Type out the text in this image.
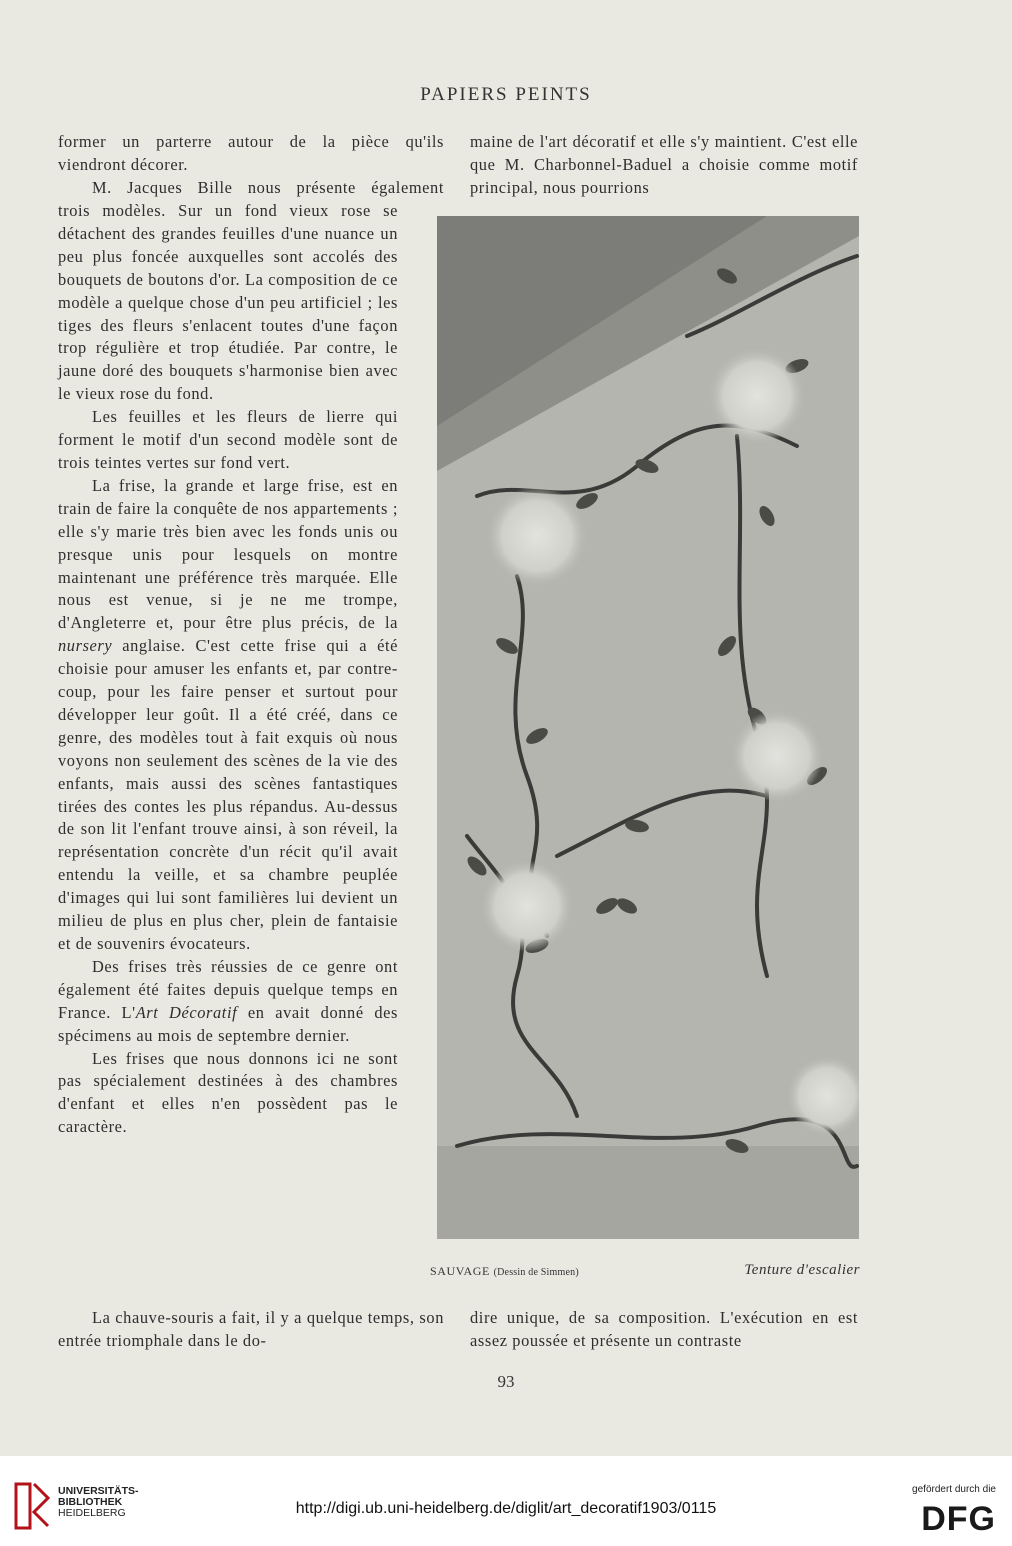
PAPIERS PEINTS

former un parterre autour de la pièce qu'ils

viendront décorer.

M. Jacques Bille nous présente également

trois modèles. Sur un fond vieux rose se détachent des grandes feuilles d'une nuance un peu plus foncée auxquelles sont accolés des bouquets de boutons d'or. La composition de ce modèle a quelque chose d'un peu artificiel ; les tiges des fleurs s'enlacent toutes d'une façon trop régulière et trop étudiée. Par contre, le jaune doré des bouquets s'harmonise bien avec le vieux rose du fond.

Les feuilles et les fleurs de lierre qui forment le motif d'un second modèle sont de trois teintes vertes sur fond vert.

La frise, la grande et large frise, est en train de faire la conquête de nos appartements ; elle s'y marie très bien avec les fonds unis ou presque unis pour lesquels on montre maintenant une préférence très marquée. Elle nous est venue, si je ne me trompe, d'Angleterre et, pour être plus précis, de la nursery anglaise. C'est cette frise qui a été choisie pour amuser les enfants et, par contre-coup, pour les faire penser et surtout pour développer leur goût. Il a été créé, dans ce genre, des modèles tout à fait exquis où nous voyons non seulement des scènes de la vie des enfants, mais aussi des scènes fantastiques tirées des contes les plus répandus. Au-dessus de son lit l'enfant trouve ainsi, à son réveil, la représentation concrète d'un récit qu'il avait entendu la veille, et sa chambre peuplée d'images qui lui sont familières lui devient un milieu de plus en plus cher, plein de fantaisie et de souvenirs évocateurs.

Des frises très réussies de ce genre ont également été faites depuis quelque temps en France. L'Art Décoratif en avait donné des spécimens au mois de septembre dernier.

Les frises que nous donnons ici ne sont pas spécialement destinées à des chambres d'enfant et elles n'en possèdent pas le caractère.

La chauve-souris a fait, il y a quelque temps, son entrée triomphale dans le do-

maine de l'art décoratif et elle s'y maintient. C'est elle que M. Charbonnel-Baduel a choisie comme motif principal, nous pourrions

SAUVAGE (Dessin de Simmen)	Tenture d'escalier

dire unique, de sa composition. L'exécution en est assez poussée et présente un contraste

93
UNIVERSITÄTS-
BIBLIOTHEK
HEIDELBERG	http://digi.ub.uni-heidelberg.de/diglit/art_decoratif1903/0115
gefördert durch die
DFG
